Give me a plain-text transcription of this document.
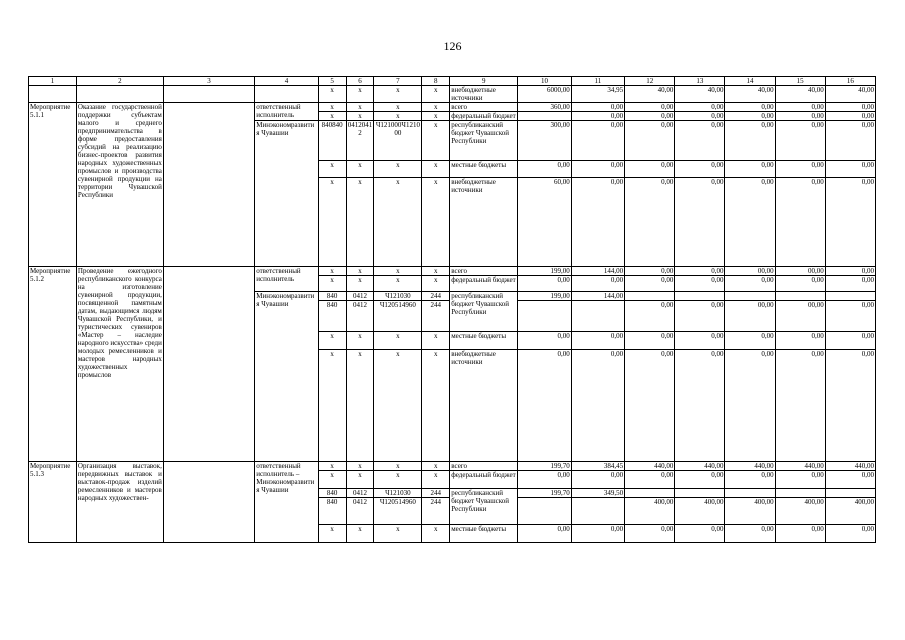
126
1	2	3	4	5	6	7	8	9	10	11	12	13	14	15	16
				x	x	x	x	внебюджетные источники	6000,00	34,95	40,00	40,00	40,00	40,00	40,00
Мероприятие 5.1.1	Оказание государственной поддержки субъектам малого и среднего предпринимательства в форме предоставления субсидий на реализацию бизнес-проектов развития народных художественных промыслов и производства сувенирной продукции на территории Чувашской Республики		ответственный исполнитель	x	x	x	x	всего	360,00	0,00	0,00	0,00	0,00	0,00	0,00
				x	x	x	x	федеральный бюджет		0,00	0,00	0,00	0,00	0,00	0,00
			Минэкономразвития Чувашии	840840	04120412	Ч121000Ч121000	x	республиканский бюджет Чувашской Республики	300,00	0,00	0,00	0,00	0,00	0,00	0,00
				x	x	x	x	местные бюджеты	0,00	0,00	0,00	0,00	0,00	0,00	0,00
				x	x	x	x	внебюджетные источники	60,00	0,00	0,00	0,00	0,00	0,00	0,00
Мероприятие 5.1.2	Проведение ежегодного республиканского конкурса на изготовление сувенирной продукции, посвященной памятным датам, выдающимся людям Чувашской Республики, и туристических сувениров «Мастер – наследие народного искусства» среди молодых ремесленников и мастеров народных художественных промыслов		ответственный исполнитель	x	x	x	x	всего	199,00	144,00	0,00	0,00	00,00	00,00	0,00
				x	x	x	x	федеральный бюджет	0,00	0,00	0,00	0,00	0,00	0,00	0,00
			Минэкономразвития Чувашии	840	0412	Ч121030	244	республиканский бюджет Чувашской Республики	199,00	144,00					
				840	0412	Ч120514960	244				0,00	0,00	00,00	00,00	0,00
				x	x	x	x	местные бюджеты	0,00	0,00	0,00	0,00	0,00	0,00	0,00
				x	x	x	x	внебюджетные источники	0,00	0,00	0,00	0,00	0,00	0,00	0,00
Мероприятие 5.1.3	Организация выставок, передвижных выставок и выставок-продаж изделий ремесленников и мастеров народных художествен-		ответственный исполнитель – Минэкономразвития Чувашии	x	x	x	x	всего	199,70	384,45	440,00	440,00	440,00	440,00	440,00
				x	x	x	x	федеральный бюджет	0,00	0,00	0,00	0,00	0,00	0,00	0,00
				840	0412	Ч121030	244	республиканский бюджет Чувашской Республики	199,70	349,50					
				840	0412	Ч120514960	244				400,00	400,00	400,00	400,00	400,00
				x	x	x	x	местные бюджеты	0,00	0,00	0,00	0,00	0,00	0,00	0,00
